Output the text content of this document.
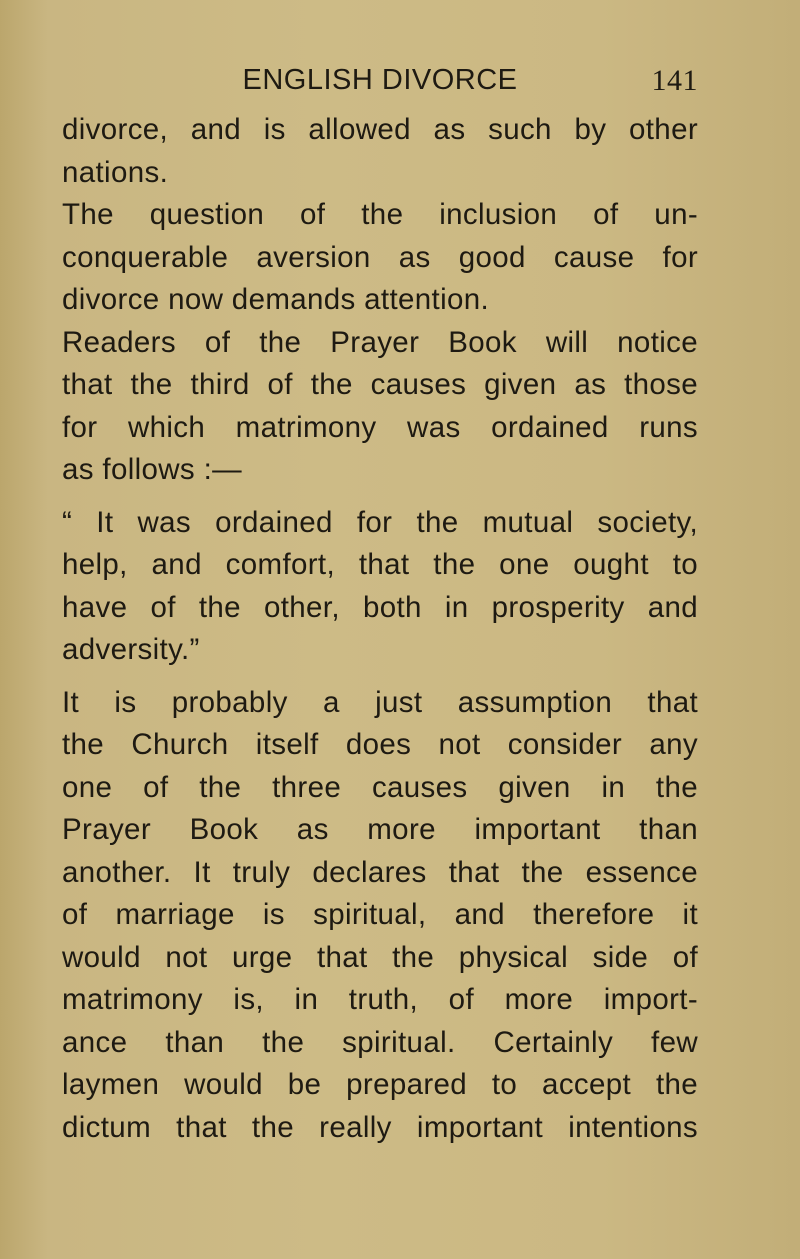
ENGLISH DIVORCE	141
divorce, and is allowed as such by other
nations.
The question of the inclusion of un-
conquerable aversion as good cause for
divorce now demands attention.
Readers of the Prayer Book will notice
that the third of the causes given as those
for which matrimony was ordained runs
as follows :—
“ It was ordained for the mutual society,
help, and comfort, that the one ought to
have of the other, both in prosperity and
adversity.”
It is probably a just assumption that
the Church itself does not consider any
one of the three causes given in the
Prayer Book as more important than
another. It truly declares that the essence
of marriage is spiritual, and therefore it
would not urge that the physical side of
matrimony is, in truth, of more import-
ance than the spiritual. Certainly few
laymen would be prepared to accept the
dictum that the really important intentions
